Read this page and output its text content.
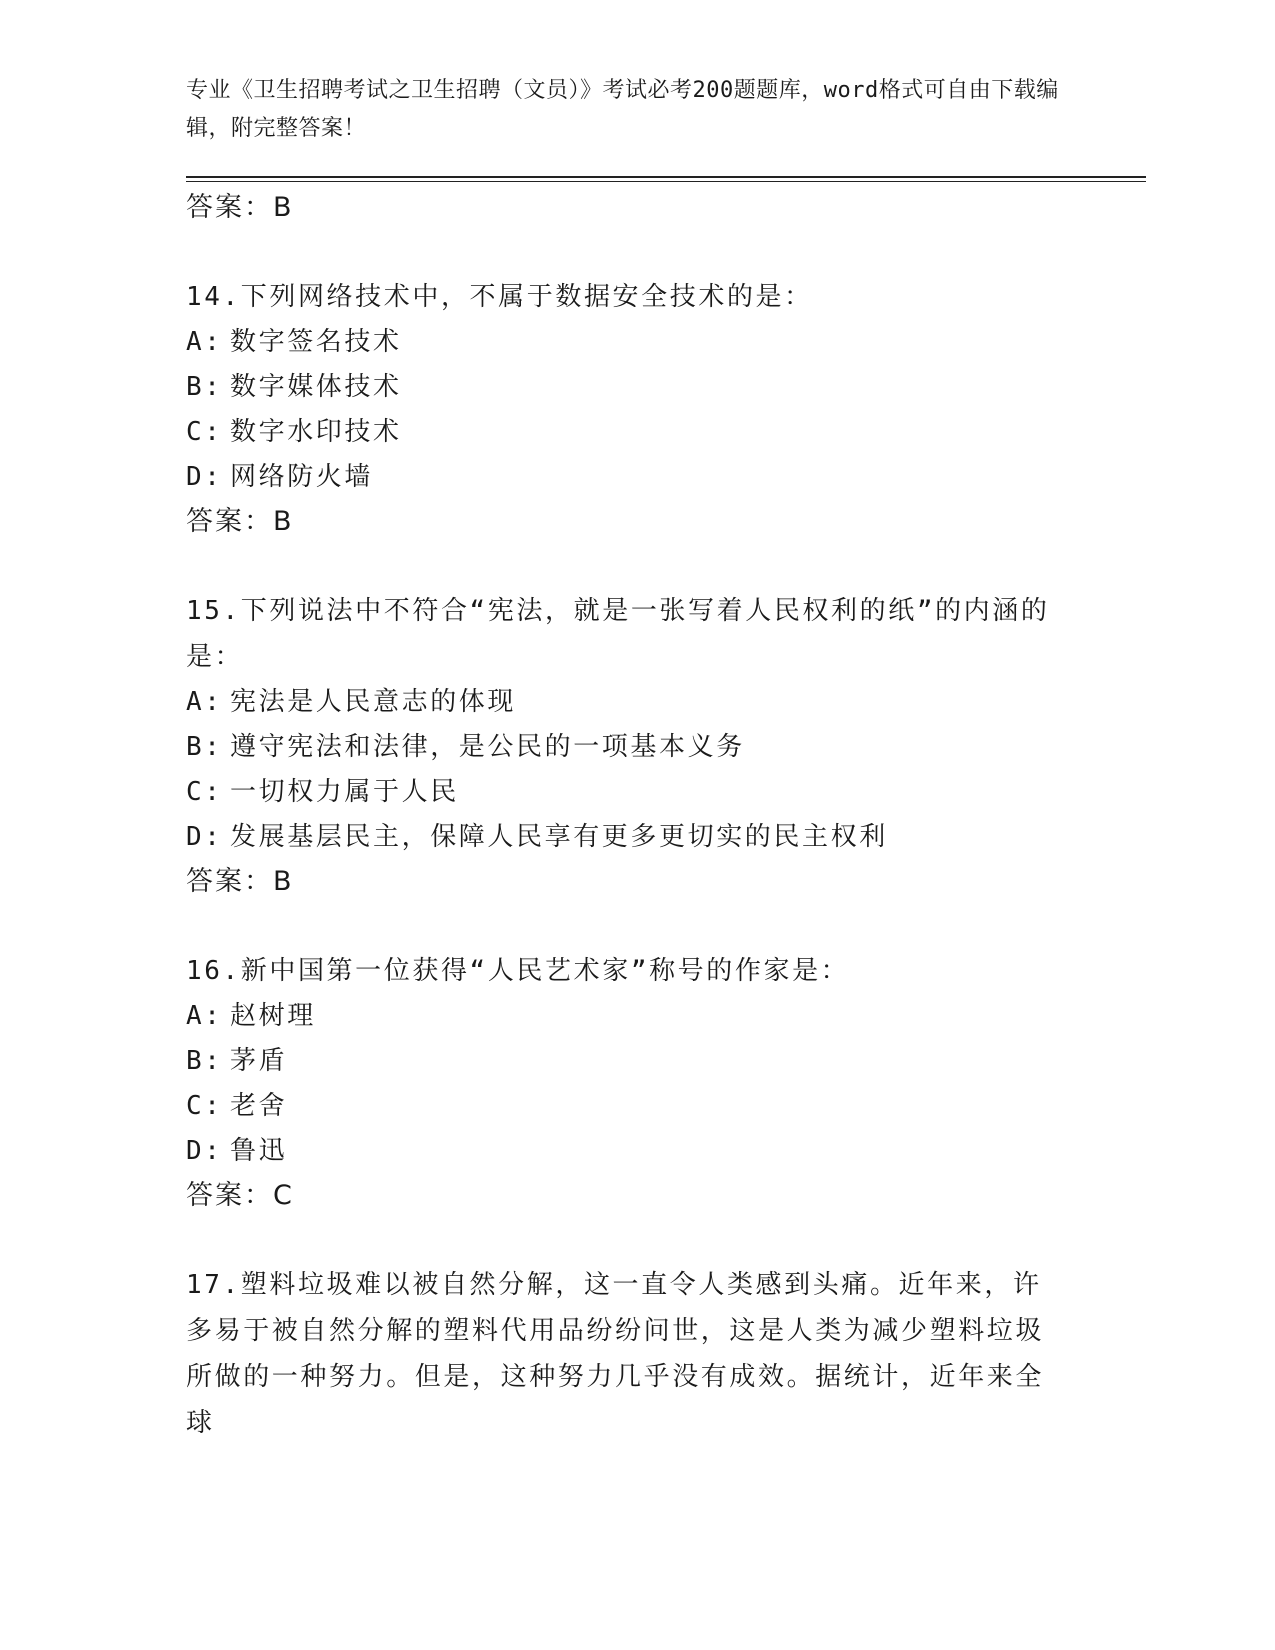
专业《卫生招聘考试之卫生招聘（文员）》考试必考200题题库，word格式可自由下载编辑，附完整答案！
答案：B
14.下列网络技术中，不属于数据安全技术的是：
A: 数字签名技术
B: 数字媒体技术
C: 数字水印技术
D: 网络防火墙
答案：B
15.下列说法中不符合“宪法，就是一张写着人民权利的纸”的内涵的是：
A: 宪法是人民意志的体现
B: 遵守宪法和法律，是公民的一项基本义务
C: 一切权力属于人民
D: 发展基层民主，保障人民享有更多更切实的民主权利
答案：B
16.新中国第一位获得“人民艺术家”称号的作家是：
A: 赵树理
B: 茅盾
C: 老舍
D: 鲁迅
答案：C
17.塑料垃圾难以被自然分解，这一直令人类感到头痛。近年来，许多易于被自然分解的塑料代用品纷纷问世，这是人类为减少塑料垃圾所做的一种努力。但是，这种努力几乎没有成效。据统计，近年来全球
